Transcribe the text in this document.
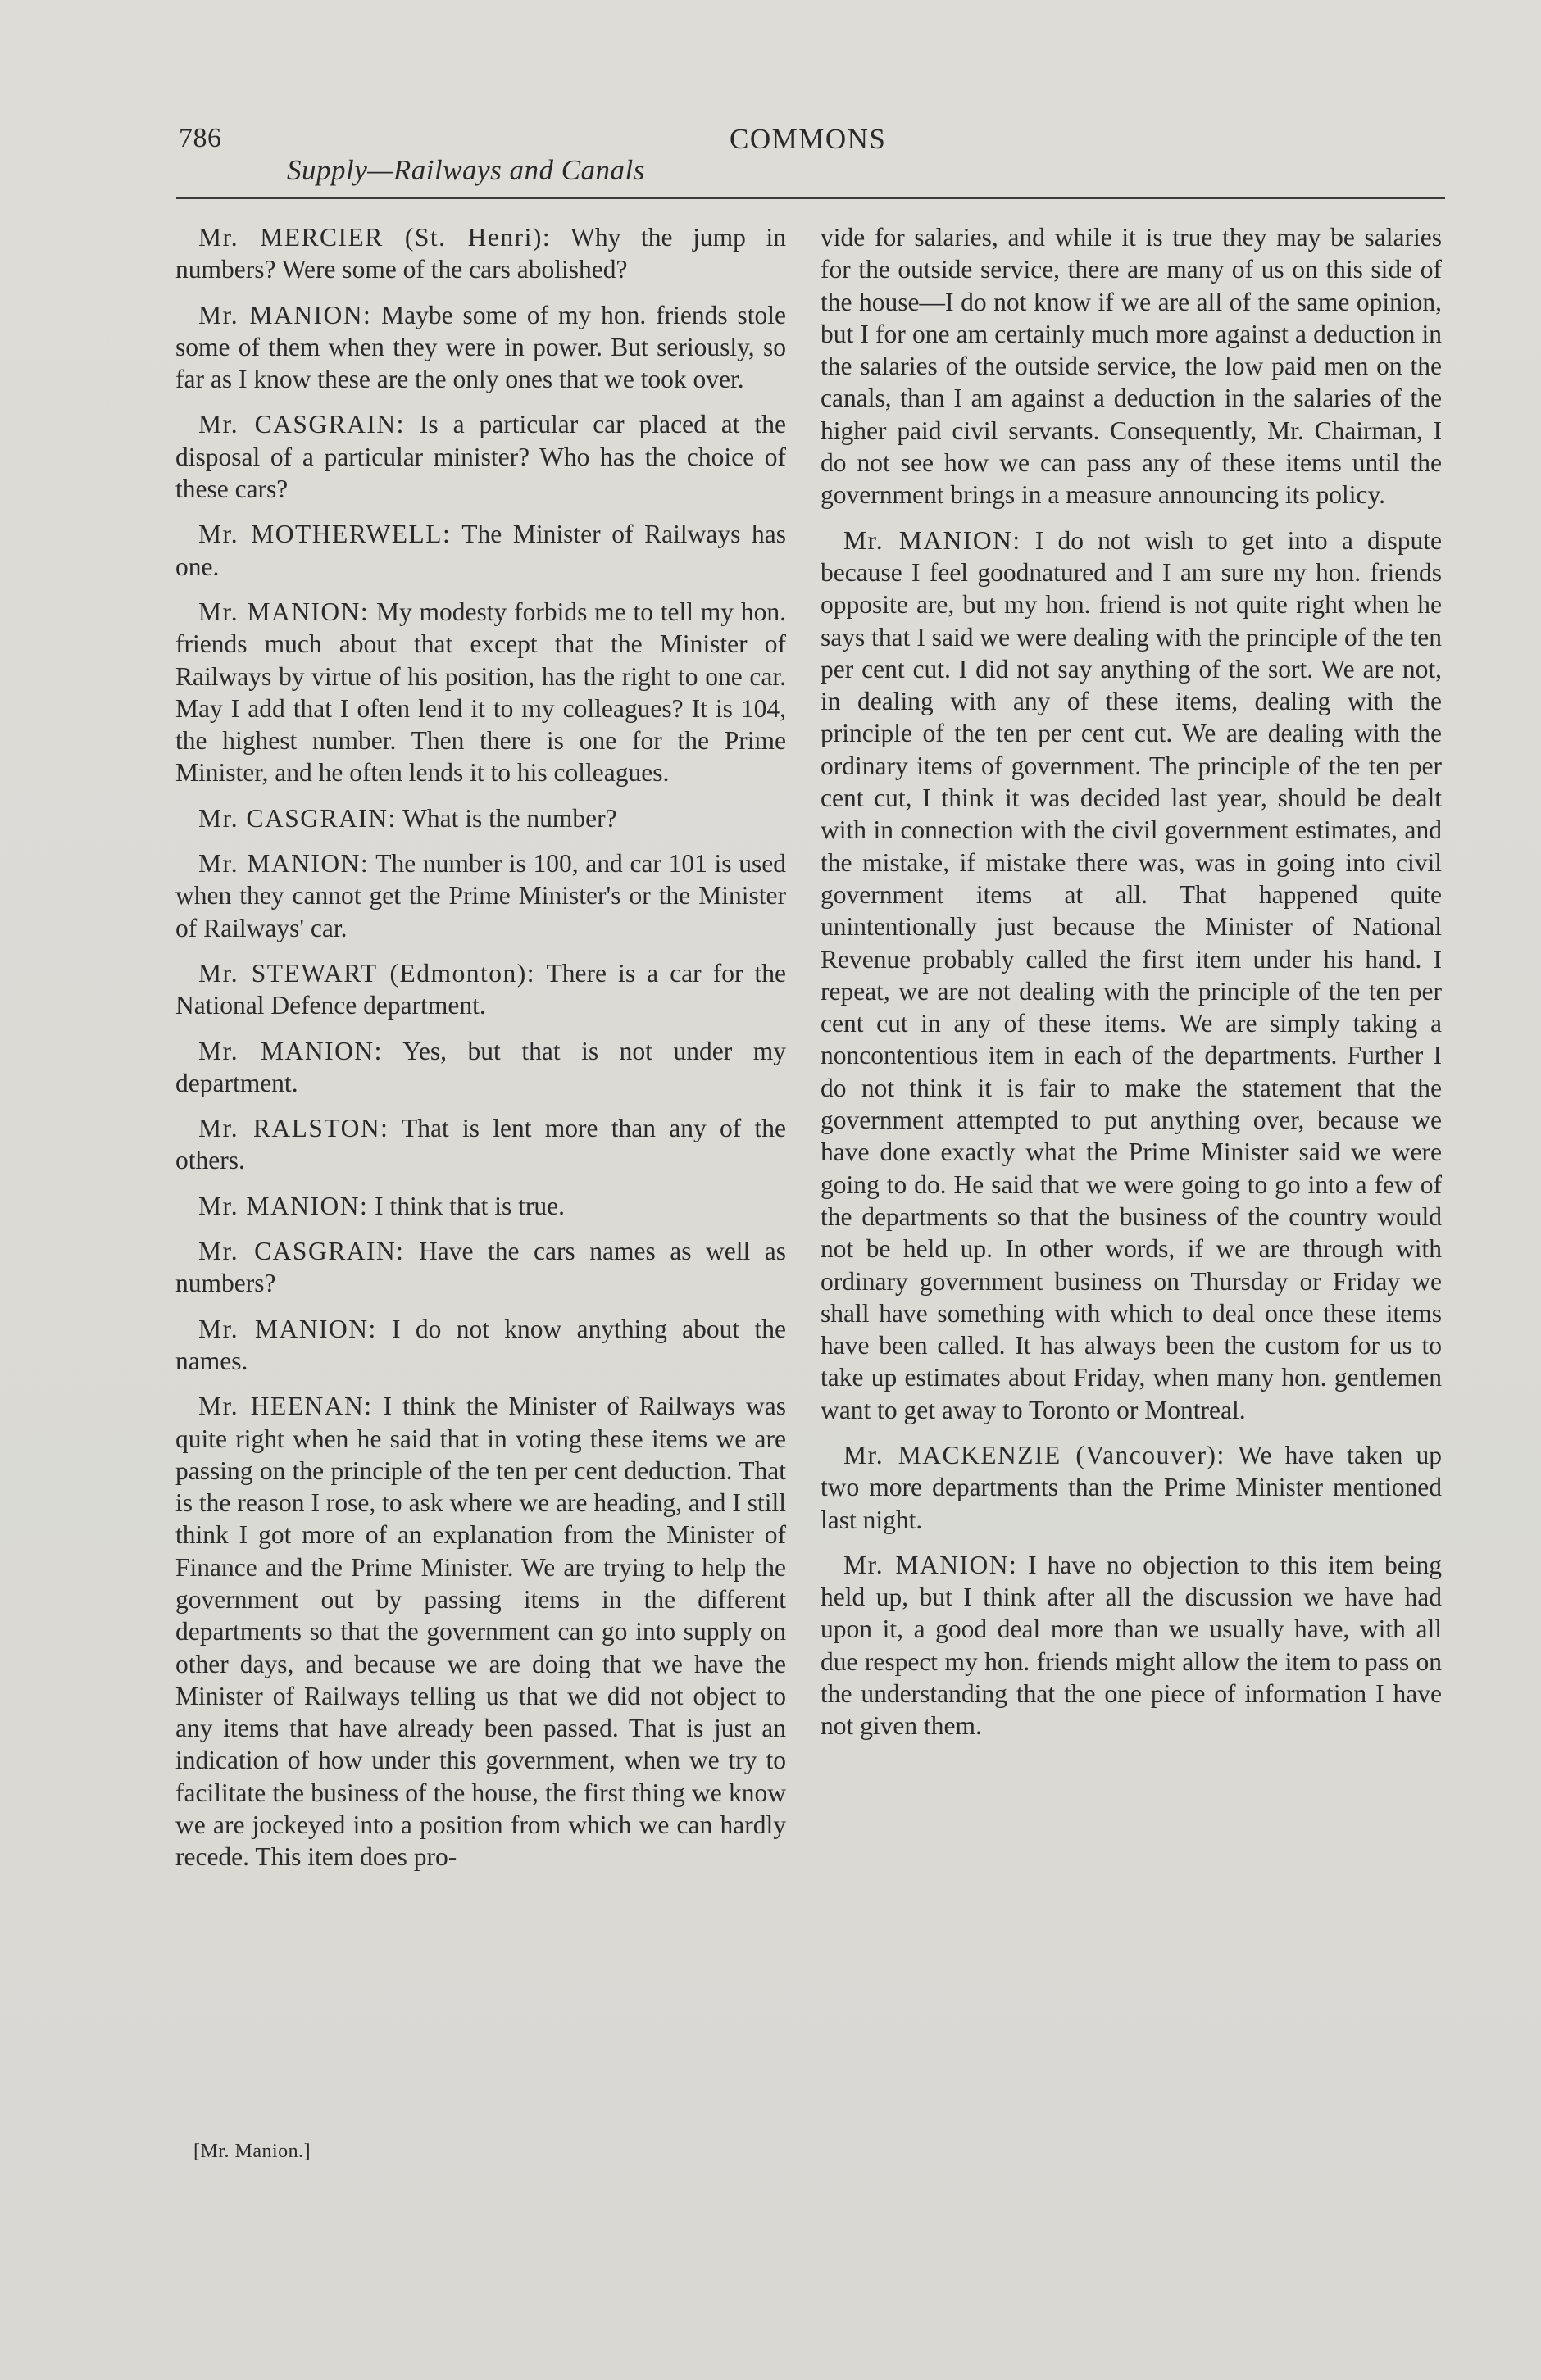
786	COMMONS
Supply—Railways and Canals

Mr. MERCIER (St. Henri): Why the jump in numbers? Were some of the cars abolished?

Mr. MANION: Maybe some of my hon. friends stole some of them when they were in power. But seriously, so far as I know these are the only ones that we took over.

Mr. CASGRAIN: Is a particular car placed at the disposal of a particular minister? Who has the choice of these cars?

Mr. MOTHERWELL: The Minister of Railways has one.

Mr. MANION: My modesty forbids me to tell my hon. friends much about that except that the Minister of Railways by virtue of his position, has the right to one car. May I add that I often lend it to my colleagues? It is 104, the highest number. Then there is one for the Prime Minister, and he often lends it to his colleagues.

Mr. CASGRAIN: What is the number?

Mr. MANION: The number is 100, and car 101 is used when they cannot get the Prime Minister's or the Minister of Railways' car.

Mr. STEWART (Edmonton): There is a car for the National Defence department.

Mr. MANION: Yes, but that is not under my department.

Mr. RALSTON: That is lent more than any of the others.

Mr. MANION: I think that is true.

Mr. CASGRAIN: Have the cars names as well as numbers?

Mr. MANION: I do not know anything about the names.

Mr. HEENAN: I think the Minister of Railways was quite right when he said that in voting these items we are passing on the principle of the ten per cent deduction. That is the reason I rose, to ask where we are heading, and I still think I got more of an explanation from the Minister of Finance and the Prime Minister. We are trying to help the government out by passing items in the different departments so that the government can go into supply on other days, and because we are doing that we have the Minister of Railways telling us that we did not object to any items that have already been passed. That is just an indication of how under this government, when we try to facilitate the business of the house, the first thing we know we are jockeyed into a position from which we can hardly recede. This item does pro-

vide for salaries, and while it is true they may be salaries for the outside service, there are many of us on this side of the house—I do not know if we are all of the same opinion, but I for one am certainly much more against a deduction in the salaries of the outside service, the low paid men on the canals, than I am against a deduction in the salaries of the higher paid civil servants. Consequently, Mr. Chairman, I do not see how we can pass any of these items until the government brings in a measure announcing its policy.

Mr. MANION: I do not wish to get into a dispute because I feel goodnatured and I am sure my hon. friends opposite are, but my hon. friend is not quite right when he says that I said we were dealing with the principle of the ten per cent cut. I did not say anything of the sort. We are not, in dealing with any of these items, dealing with the principle of the ten per cent cut. We are dealing with the ordinary items of government. The principle of the ten per cent cut, I think it was decided last year, should be dealt with in connection with the civil government estimates, and the mistake, if mistake there was, was in going into civil government items at all. That happened quite unintentionally just because the Minister of National Revenue probably called the first item under his hand. I repeat, we are not dealing with the principle of the ten per cent cut in any of these items. We are simply taking a noncontentious item in each of the departments. Further I do not think it is fair to make the statement that the government attempted to put anything over, because we have done exactly what the Prime Minister said we were going to do. He said that we were going to go into a few of the departments so that the business of the country would not be held up. In other words, if we are through with ordinary government business on Thursday or Friday we shall have something with which to deal once these items have been called. It has always been the custom for us to take up estimates about Friday, when many hon. gentlemen want to get away to Toronto or Montreal.

Mr. MACKENZIE (Vancouver): We have taken up two more departments than the Prime Minister mentioned last night.

Mr. MANION: I have no objection to this item being held up, but I think after all the discussion we have had upon it, a good deal more than we usually have, with all due respect my hon. friends might allow the item to pass on the understanding that the one piece of information I have not given them.

[Mr. Manion.]
